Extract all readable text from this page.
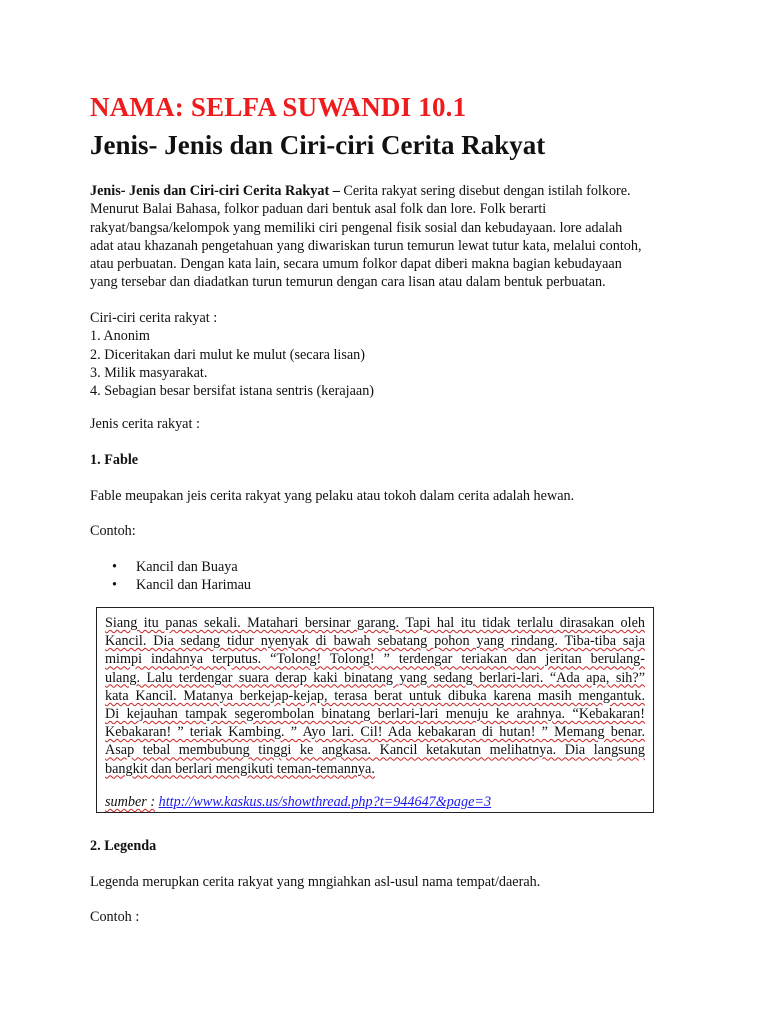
NAMA: SELFA SUWANDI 10.1
Jenis- Jenis dan Ciri-ciri Cerita Rakyat
Jenis- Jenis dan Ciri-ciri Cerita Rakyat – Cerita rakyat sering disebut dengan istilah folkore.
Menurut Balai Bahasa, folkor paduan dari bentuk asal folk dan lore. Folk berarti
rakyat/bangsa/kelompok yang memiliki ciri pengenal fisik sosial dan kebudayaan. lore adalah
adat atau khazanah pengetahuan yang diwariskan turun temurun lewat tutur kata, melalui contoh,
atau perbuatan. Dengan kata lain, secara umum folkor dapat diberi makna bagian kebudayaan
yang tersebar dan diadatkan turun temurun dengan cara lisan atau dalam bentuk perbuatan.
Ciri-ciri cerita rakyat :
1. Anonim
2. Diceritakan dari mulut ke mulut (secara lisan)
3. Milik masyarakat.
4. Sebagian besar bersifat istana sentris (kerajaan)
Jenis cerita rakyat :
1. Fable
Fable meupakan jeis cerita rakyat yang pelaku atau tokoh dalam cerita adalah hewan.
Contoh:
• Kancil dan Buaya
• Kancil dan Harimau
Siang itu panas sekali. Matahari bersinar garang. Tapi hal itu tidak terlalu dirasakan oleh
Kancil. Dia sedang tidur nyenyak di bawah sebatang pohon yang rindang. Tiba-tiba saja
mimpi indahnya terputus. “Tolong! Tolong! ” terdengar teriakan dan jeritan berulang-
ulang. Lalu terdengar suara derap kaki binatang yang sedang berlari-lari. “Ada apa, sih?”
kata Kancil. Matanya berkejap-kejap, terasa berat untuk dibuka karena masih mengantuk.
Di kejauhan tampak segerombolan binatang berlari-lari menuju ke arahnya. “Kebakaran!
Kebakaran! ” teriak Kambing. ” Ayo lari. Cil! Ada kebakaran di hutan! ” Memang benar.
Asap tebal membubung tinggi ke angkasa. Kancil ketakutan melihatnya. Dia langsung
bangkit dan berlari mengikuti teman-temannya.
sumber : http://www.kaskus.us/showthread.php?t=944647&page=3
2. Legenda
Legenda merupkan cerita rakyat yang mngiahkan asl-usul nama tempat/daerah.
Contoh :
